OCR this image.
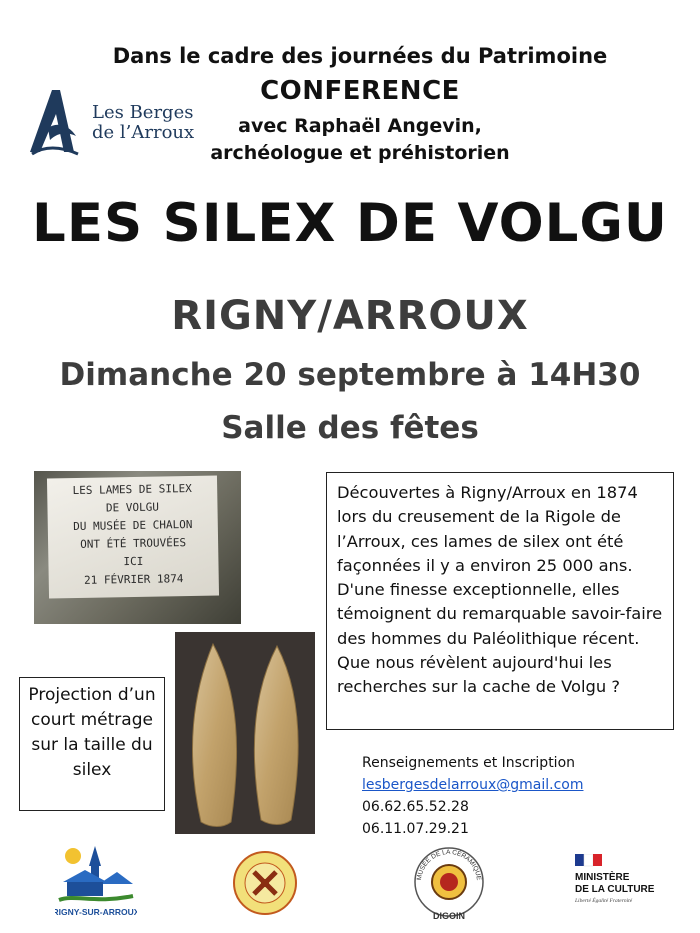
Dans le cadre des journées du Patrimoine
CONFERENCE
avec Raphaël Angevin,
archéologue et préhistorien
Les Berges
de l’Arroux
LES SILEX DE VOLGU
RIGNY/ARROUX
Dimanche 20 septembre à 14H30
Salle des fêtes
LES LAMES DE SILEX
DE VOLGU
DU MUSÉE DE CHALON
ONT ÉTÉ TROUVÉES
ICI
21 FÉVRIER 1874
Découvertes à Rigny/Arroux en 1874 lors du creusement de la Rigole de l’Arroux, ces lames de silex ont été façonnées il y a environ 25 000 ans. D'une finesse exceptionnelle, elles témoignent du remarquable savoir-faire des hommes du Paléolithique récent. Que nous révèlent aujourd'hui les recherches sur la cache de Volgu ?
Projection d’un court métrage sur la taille du silex	Renseignements et Inscription
lesbergesdelarroux@gmail.com
06.62.65.52.28
06.11.07.29.21
RIGNY-SUR-ARROUX
MUSÉE DE LA CÉRAMIQUE
DIGOIN
MINISTÈRE
DE LA CULTURE
Liberté Égalité Fraternité
